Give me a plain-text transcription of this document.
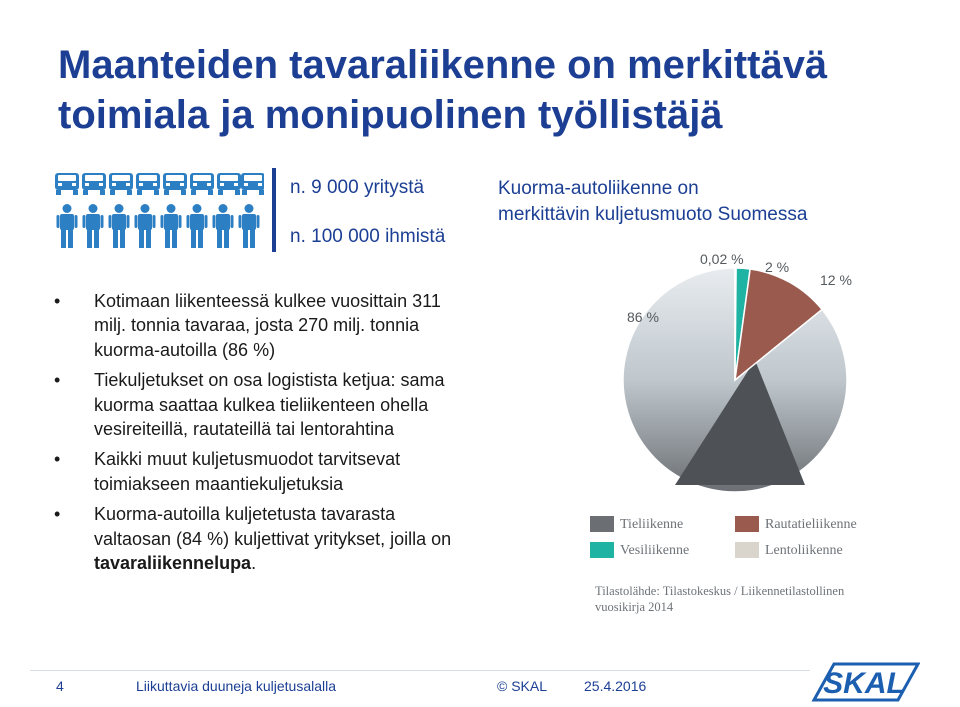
Maanteiden tavaraliikenne on merkittävä
toimiala ja monipuolinen työllistäjä
n. 9 000 yritystä
n. 100 000 ihmistä
Kuorma-autoliikenne on
merkittävin kuljetusmuoto Suomessa
• Kotimaan liikenteessä kulkee vuosittain 311 milj. tonnia tavaraa, josta 270 milj. tonnia kuorma-autoilla (86 %)
• Tiekuljetukset on osa logistista ketjua: sama kuorma saattaa kulkea tieliikenteen ohella vesireiteillä, rautateillä tai lentorahtina
• Kaikki muut kuljetusmuodot tarvitsevat toimiakseen maantiekuljetuksia
• Kuorma-autoilla kuljetetusta tavarasta valtaosan (84 %) kuljettivat yritykset, joilla on tavaraliikennelupa.
86 %
0,02 % 2 %
12 %
Tieliikenne	Rautatieliikenne
Vesiliikenne	Lentoliikenne
Tilastolähde: Tilastokeskus / Liikennetilastollinen
vuosikirja 2014
4	Liikuttavia duuneja kuljetusalalla	© SKAL	25.4.2016	SKAL
